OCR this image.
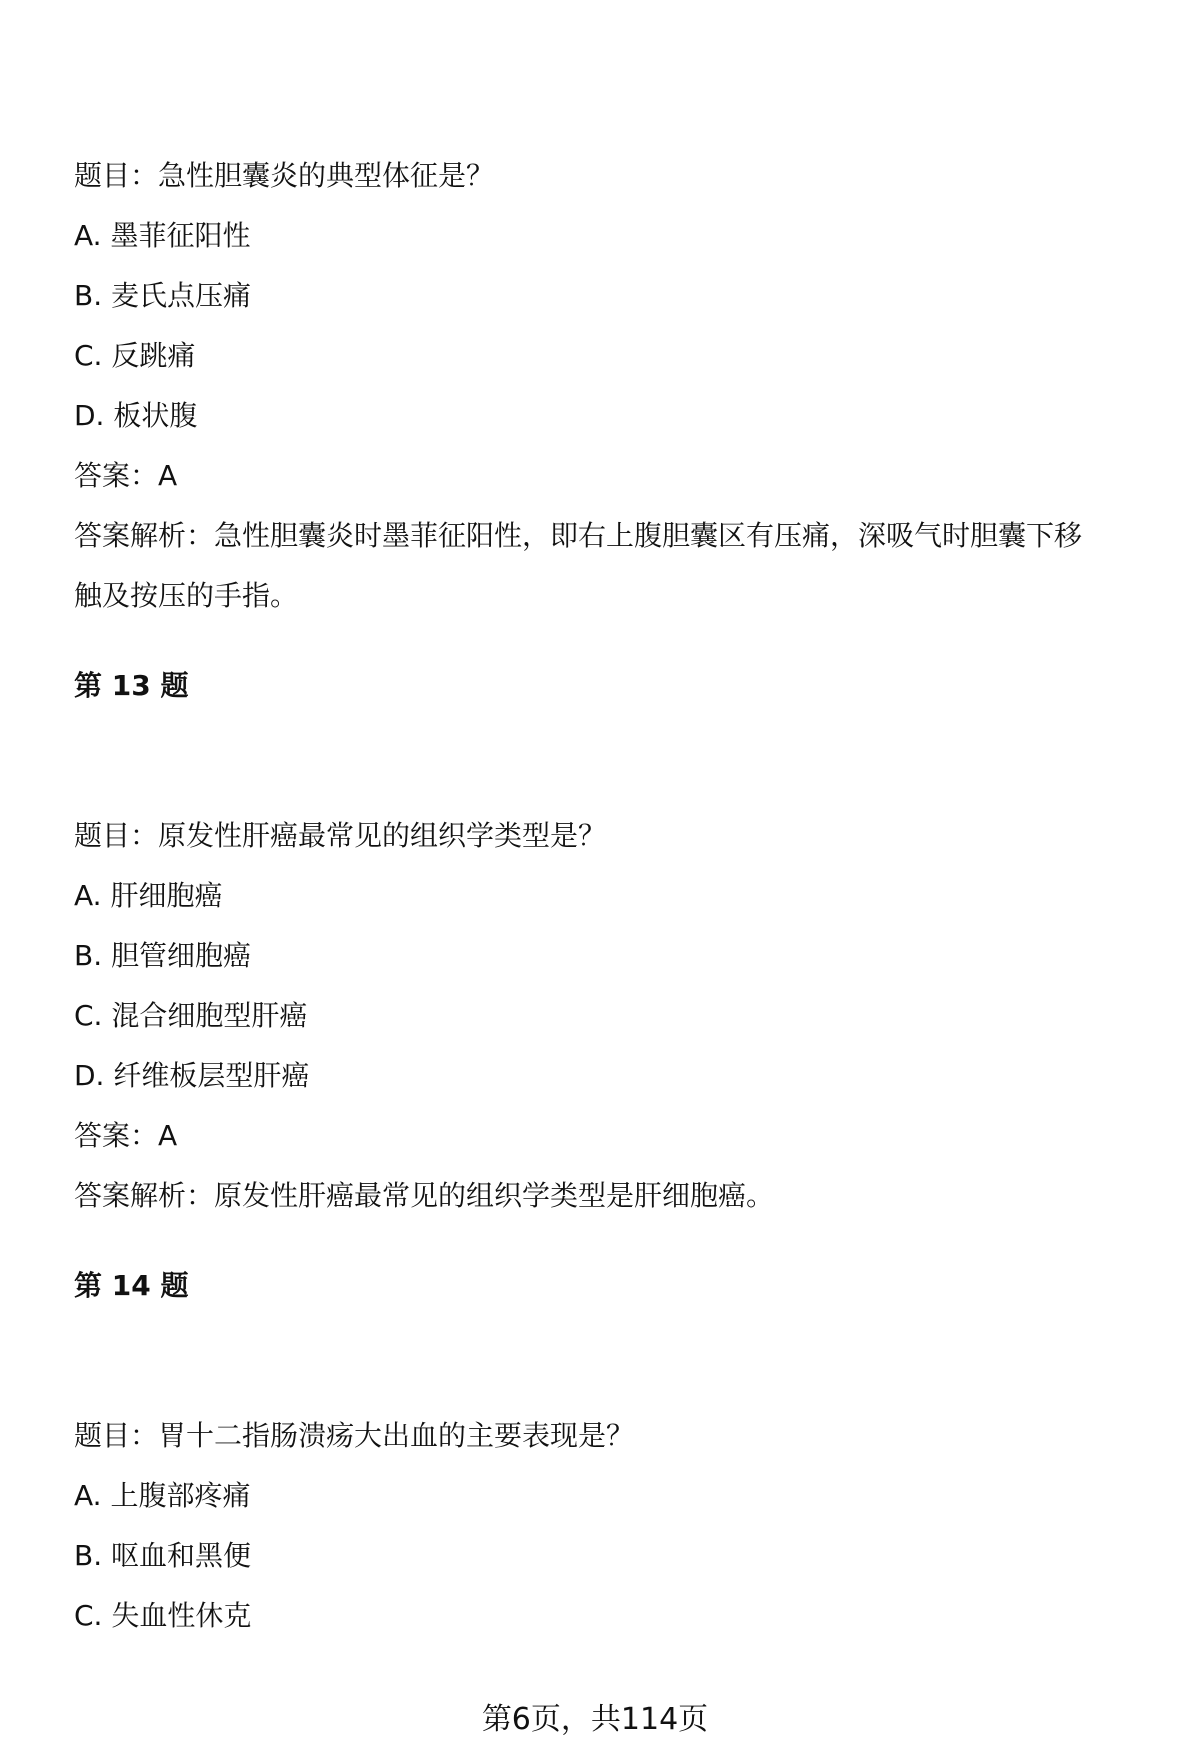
题目：急性胆囊炎的典型体征是？
A. 墨菲征阳性
B. 麦氏点压痛
C. 反跳痛
D. 板状腹
答案：A
答案解析：急性胆囊炎时墨菲征阳性，即右上腹胆囊区有压痛，深吸气时胆囊下移
触及按压的手指。
第 13 题
题目：原发性肝癌最常见的组织学类型是？
A. 肝细胞癌
B. 胆管细胞癌
C. 混合细胞型肝癌
D. 纤维板层型肝癌
答案：A
答案解析：原发性肝癌最常见的组织学类型是肝细胞癌。
第 14 题
题目：胃十二指肠溃疡大出血的主要表现是？
A. 上腹部疼痛
B. 呕血和黑便
C. 失血性休克
第6页，共114页
